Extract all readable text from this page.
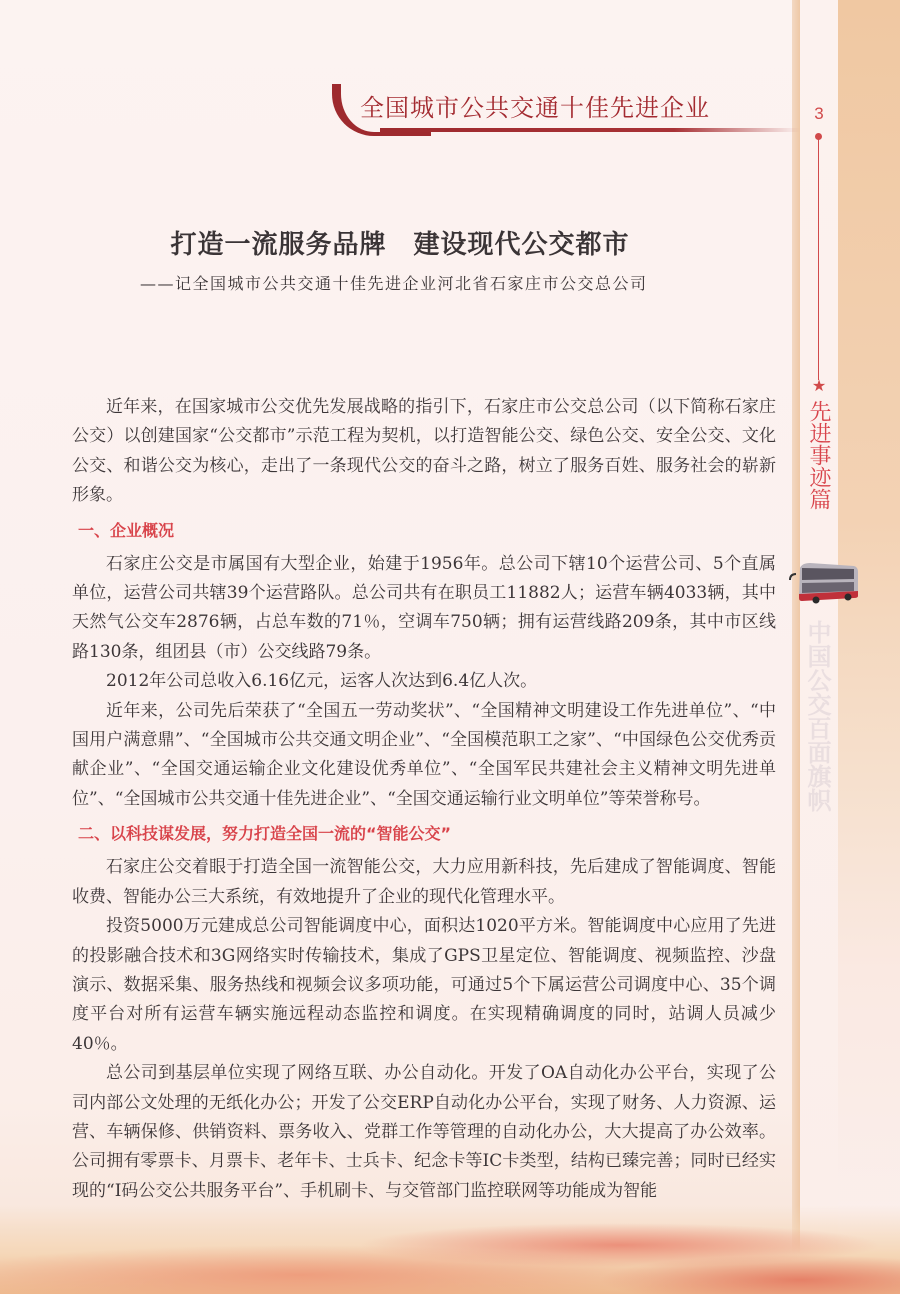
全国城市公共交通十佳先进企业	3
★
先进事迹篇
中国公交百面旗帜
打造一流服务品牌　建设现代公交都市
——记全国城市公共交通十佳先进企业河北省石家庄市公交总公司

近年来，在国家城市公交优先发展战略的指引下，石家庄市公交总公司（以下简称石家庄公交）以创建国家“公交都市”示范工程为契机，以打造智能公交、绿色公交、安全公交、文化公交、和谐公交为核心，走出了一条现代公交的奋斗之路，树立了服务百姓、服务社会的崭新形象。

一、企业概况

石家庄公交是市属国有大型企业，始建于1956年。总公司下辖10个运营公司、5个直属单位，运营公司共辖39个运营路队。总公司共有在职员工11882人；运营车辆4033辆，其中天然气公交车2876辆，占总车数的71％，空调车750辆；拥有运营线路209条，其中市区线路130条，组团县（市）公交线路79条。

2012年公司总收入6.16亿元，运客人次达到6.4亿人次。

近年来，公司先后荣获了“全国五一劳动奖状”、“全国精神文明建设工作先进单位”、“中国用户满意鼎”、“全国城市公共交通文明企业”、“全国模范职工之家”、“中国绿色公交优秀贡献企业”、“全国交通运输企业文化建设优秀单位”、“全国军民共建社会主义精神文明先进单位”、“全国城市公共交通十佳先进企业”、“全国交通运输行业文明单位”等荣誉称号。

二、以科技谋发展，努力打造全国一流的“智能公交”

石家庄公交着眼于打造全国一流智能公交，大力应用新科技，先后建成了智能调度、智能收费、智能办公三大系统，有效地提升了企业的现代化管理水平。

投资5000万元建成总公司智能调度中心，面积达1020平方米。智能调度中心应用了先进的投影融合技术和3G网络实时传输技术，集成了GPS卫星定位、智能调度、视频监控、沙盘演示、数据采集、服务热线和视频会议多项功能，可通过5个下属运营公司调度中心、35个调度平台对所有运营车辆实施远程动态监控和调度。在实现精确调度的同时，站调人员减少40％。

总公司到基层单位实现了网络互联、办公自动化。开发了OA自动化办公平台，实现了公司内部公文处理的无纸化办公；开发了公交ERP自动化办公平台，实现了财务、人力资源、运营、车辆保修、供销资料、票务收入、党群工作等管理的自动化办公，大大提高了办公效率。公司拥有零票卡、月票卡、老年卡、士兵卡、纪念卡等IC卡类型，结构已臻完善；同时已经实现的“I码公交公共服务平台”、手机刷卡、与交管部门监控联网等功能成为智能
